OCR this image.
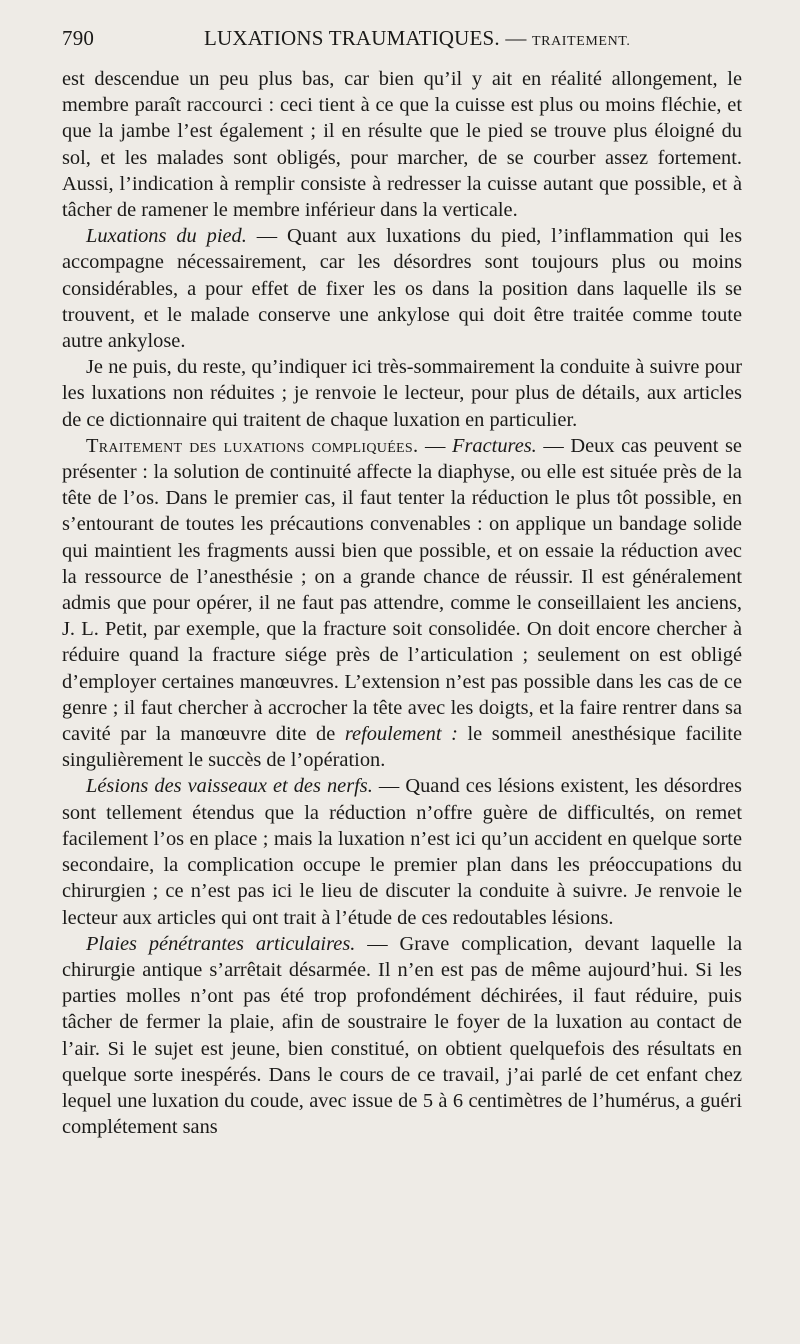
790	LUXATIONS TRAUMATIQUES. — TRAITEMENT.

est descendue un peu plus bas, car bien qu’il y ait en réalité allongement, le membre paraît raccourci : ceci tient à ce que la cuisse est plus ou moins fléchie, et que la jambe l’est également ; il en résulte que le pied se trouve plus éloigné du sol, et les malades sont obligés, pour marcher, de se courber assez fortement. Aussi, l’indication à remplir consiste à redresser la cuisse autant que possible, et à tâcher de ramener le membre inférieur dans la verticale.

Luxations du pied. — Quant aux luxations du pied, l’inflammation qui les accompagne nécessairement, car les désordres sont toujours plus ou moins considérables, a pour effet de fixer les os dans la position dans laquelle ils se trouvent, et le malade conserve une ankylose qui doit être traitée comme toute autre ankylose.

Je ne puis, du reste, qu’indiquer ici très-sommairement la conduite à suivre pour les luxations non réduites ; je renvoie le lecteur, pour plus de détails, aux articles de ce dictionnaire qui traitent de chaque luxation en particulier.

Traitement des luxations compliquées. — Fractures. — Deux cas peuvent se présenter : la solution de continuité affecte la diaphyse, ou elle est située près de la tête de l’os. Dans le premier cas, il faut tenter la réduction le plus tôt possible, en s’entourant de toutes les précautions convenables : on applique un bandage solide qui maintient les fragments aussi bien que possible, et on essaie la réduction avec la ressource de l’anesthésie ; on a grande chance de réussir. Il est généralement admis que pour opérer, il ne faut pas attendre, comme le conseillaient les anciens, J. L. Petit, par exemple, que la fracture soit consolidée. On doit encore chercher à réduire quand la fracture siége près de l’articulation ; seulement on est obligé d’employer certaines manœuvres. L’extension n’est pas possible dans les cas de ce genre ; il faut chercher à accrocher la tête avec les doigts, et la faire rentrer dans sa cavité par la manœuvre dite de refoulement : le sommeil anesthésique facilite singulièrement le succès de l’opération.

Lésions des vaisseaux et des nerfs. — Quand ces lésions existent, les désordres sont tellement étendus que la réduction n’offre guère de difficultés, on remet facilement l’os en place ; mais la luxation n’est ici qu’un accident en quelque sorte secondaire, la complication occupe le premier plan dans les préoccupations du chirurgien ; ce n’est pas ici le lieu de discuter la conduite à suivre. Je renvoie le lecteur aux articles qui ont trait à l’étude de ces redoutables lésions.

Plaies pénétrantes articulaires. — Grave complication, devant laquelle la chirurgie antique s’arrêtait désarmée. Il n’en est pas de même aujourd’hui. Si les parties molles n’ont pas été trop profondément déchirées, il faut réduire, puis tâcher de fermer la plaie, afin de soustraire le foyer de la luxation au contact de l’air. Si le sujet est jeune, bien constitué, on obtient quelquefois des résultats en quelque sorte inespérés. Dans le cours de ce travail, j’ai parlé de cet enfant chez lequel une luxation du coude, avec issue de 5 à 6 centimètres de l’humérus, a guéri complétement sans
